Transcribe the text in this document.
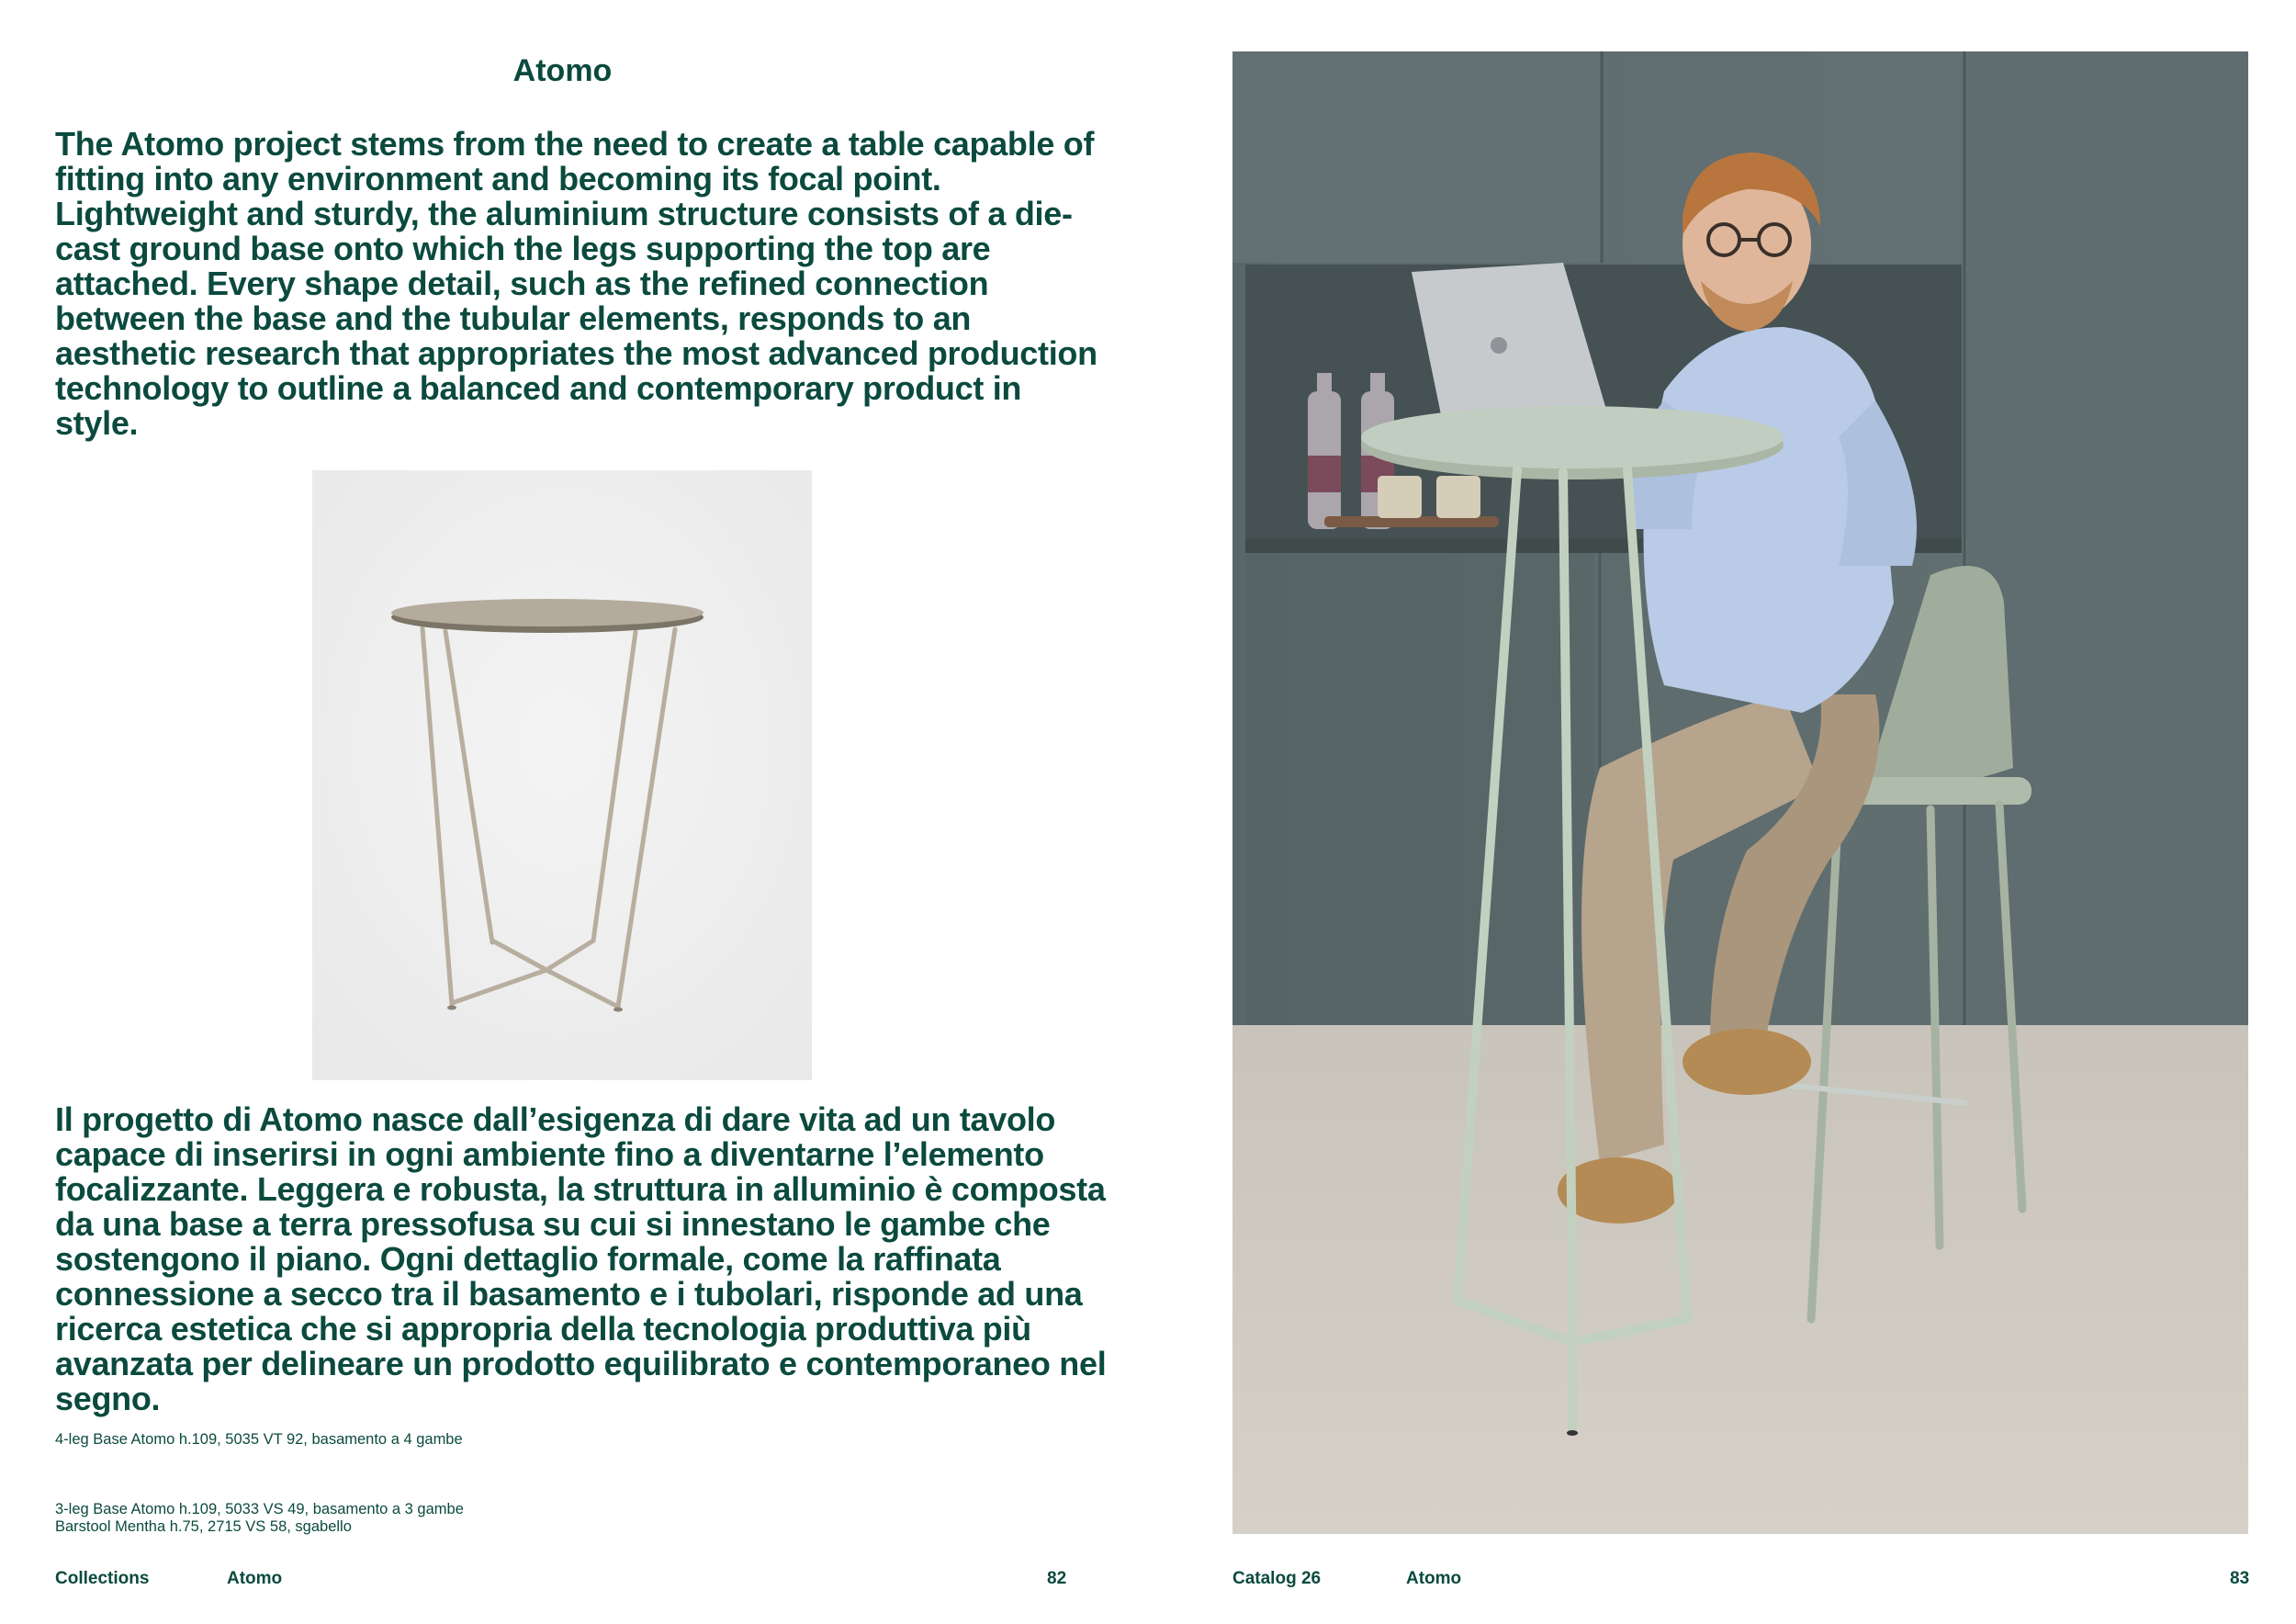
Atomo

The Atomo project stems from the need to create a table capable of fitting into any environment and becoming its focal point. Lightweight and sturdy, the aluminium structure consists of a die-cast ground base onto which the legs supporting the top are attached. Every shape detail, such as the refined connection between the base and the tubular elements, responds to an aesthetic research that appropriates the most advanced production technology to outline a balanced and contemporary product in style.

Il progetto di Atomo nasce dall’esigenza di dare vita ad un tavolo capace di inserirsi in ogni ambiente fino a diventarne l’elemento focalizzante. Leggera e robusta, la struttura in alluminio è composta da una base a terra pressofusa su cui si innestano le gambe che sostengono il piano. Ogni dettaglio formale, come la raffinata connessione a secco tra il basamento e i tubolari, risponde ad una ricerca estetica che si appropria della tecnologia produttiva più avanzata per delineare un prodotto equilibrato e contemporaneo nel segno.

4-leg Base Atomo h.109, 5035 VT 92, basamento a 4 gambe

3-leg Base Atomo h.109, 5033 VS 49, basamento a 3 gambe

Barstool Mentha h.75, 2715 VS 58, sgabello

Collections	Atomo	82	Catalog 26	Atomo	83
